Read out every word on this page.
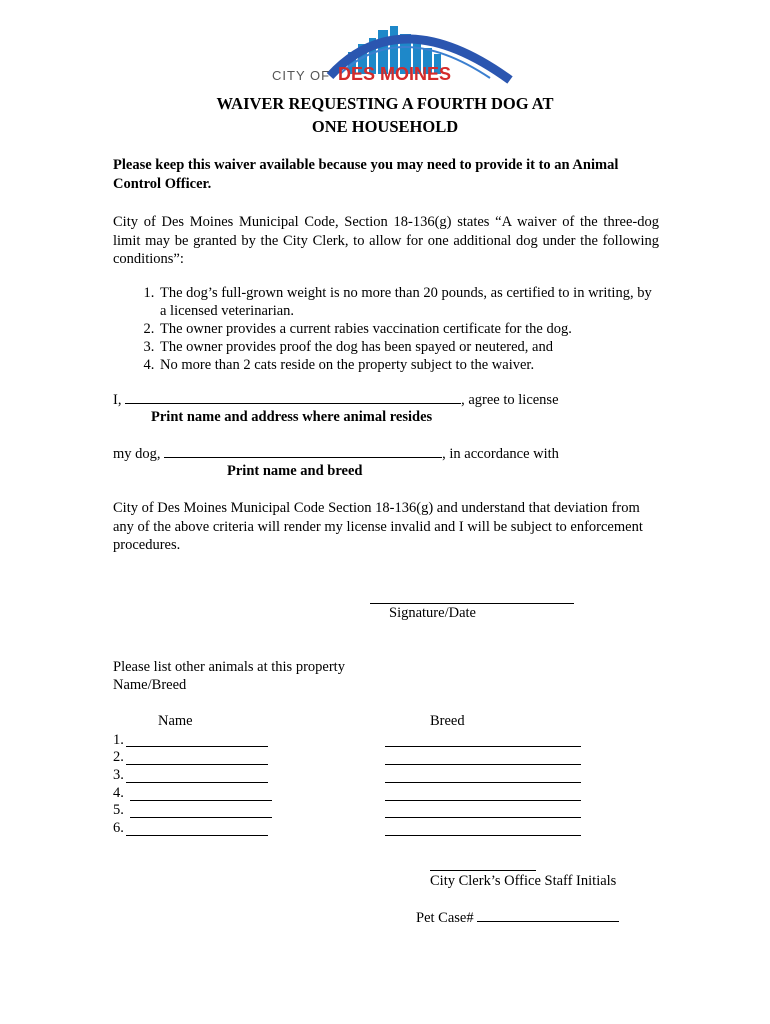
CITY OF DES MOINES
WAIVER REQUESTING A FOURTH DOG AT
ONE HOUSEHOLD
Please keep this waiver available because you may need to provide it to an Animal Control Officer.
City of Des Moines Municipal Code, Section 18-136(g) states “A waiver of the three-dog limit may be granted by the City Clerk, to allow for one additional dog under the following conditions”:
1. The dog’s full-grown weight is no more than 20 pounds, as certified to in writing, by a licensed veterinarian.
2. The owner provides a current rabies vaccination certificate for the dog.
3. The owner provides proof the dog has been spayed or neutered, and
4. No more than 2 cats reside on the property subject to the waiver.
I,	, agree to license
Print name and address where animal resides
my dog,	, in accordance with
Print name and breed
City of Des Moines Municipal Code Section 18-136(g) and understand that deviation from any of the above criteria will render my license invalid and I will be subject to enforcement procedures.
Signature/Date
Please list other animals at this property
Name/Breed
Name	Breed
1.
2.
3.
4.
5.
6.
City Clerk’s Office Staff Initials
Pet Case#
